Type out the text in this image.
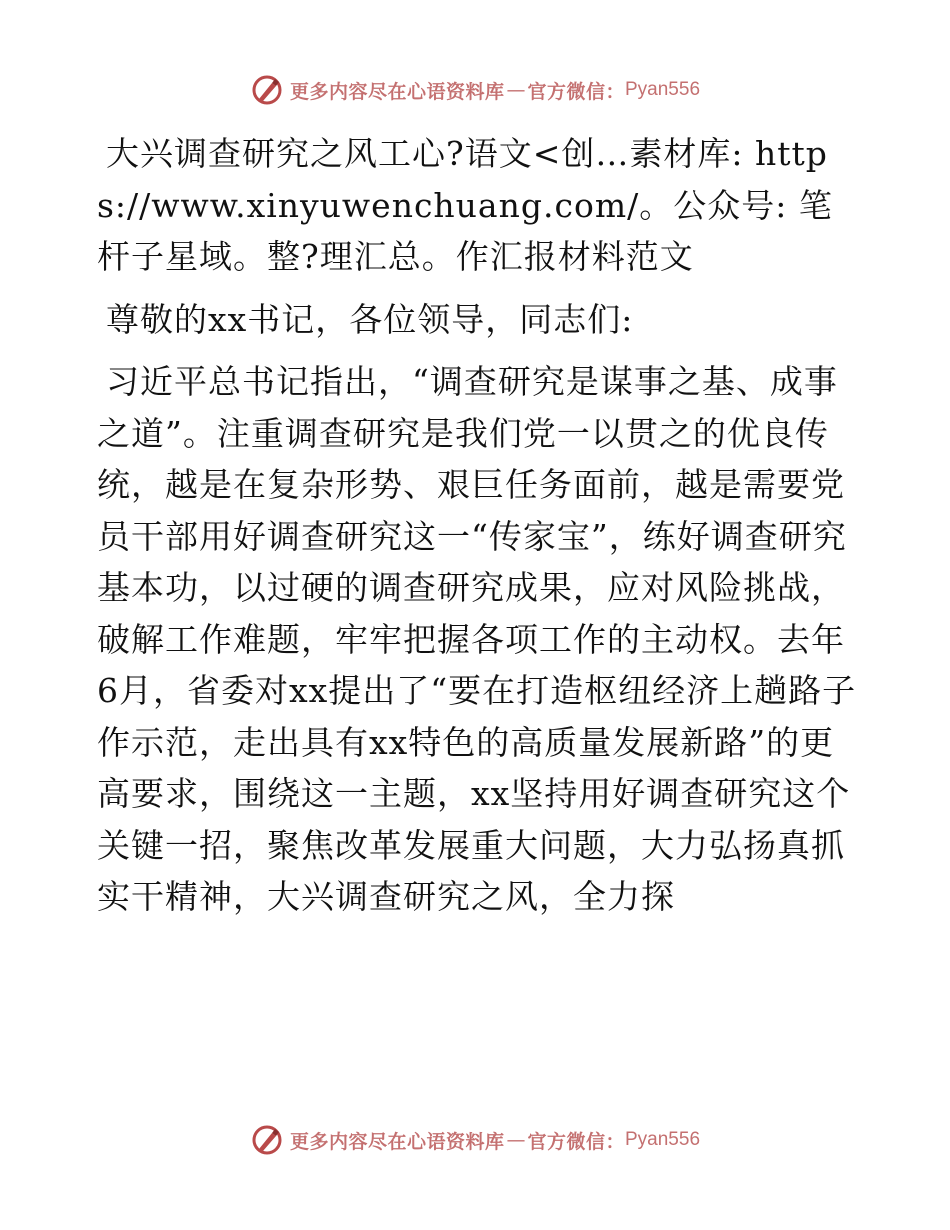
更多内容尽在心语资料库 — 官方微信： Pyan556

大兴调查研究之风工心?语文<创…素材库: https://www.xinyuwenchuang.com/。公众号: 笔杆子星域。整?理汇总。作汇报材料范文

尊敬的xx书记，各位领导，同志们:

习近平总书记指出，“调查研究是谋事之基、成事之道”。注重调查研究是我们党一以贯之的优良传统，越是在复杂形势、艰巨任务面前，越是需要党员干部用好调查研究这一“传家宝”，练好调查研究基本功，以过硬的调查研究成果，应对风险挑战，破解工作难题，牢牢把握各项工作的主动权。去年6月，省委对xx提出了“要在打造枢纽经济上趟路子作示范，走出具有xx特色的高质量发展新路”的更高要求，围绕这一主题，xx坚持用好调查研究这个关键一招，聚焦改革发展重大问题，大力弘扬真抓实干精神，大兴调查研究之风，全力探

更多内容尽在心语资料库 — 官方微信： Pyan556
